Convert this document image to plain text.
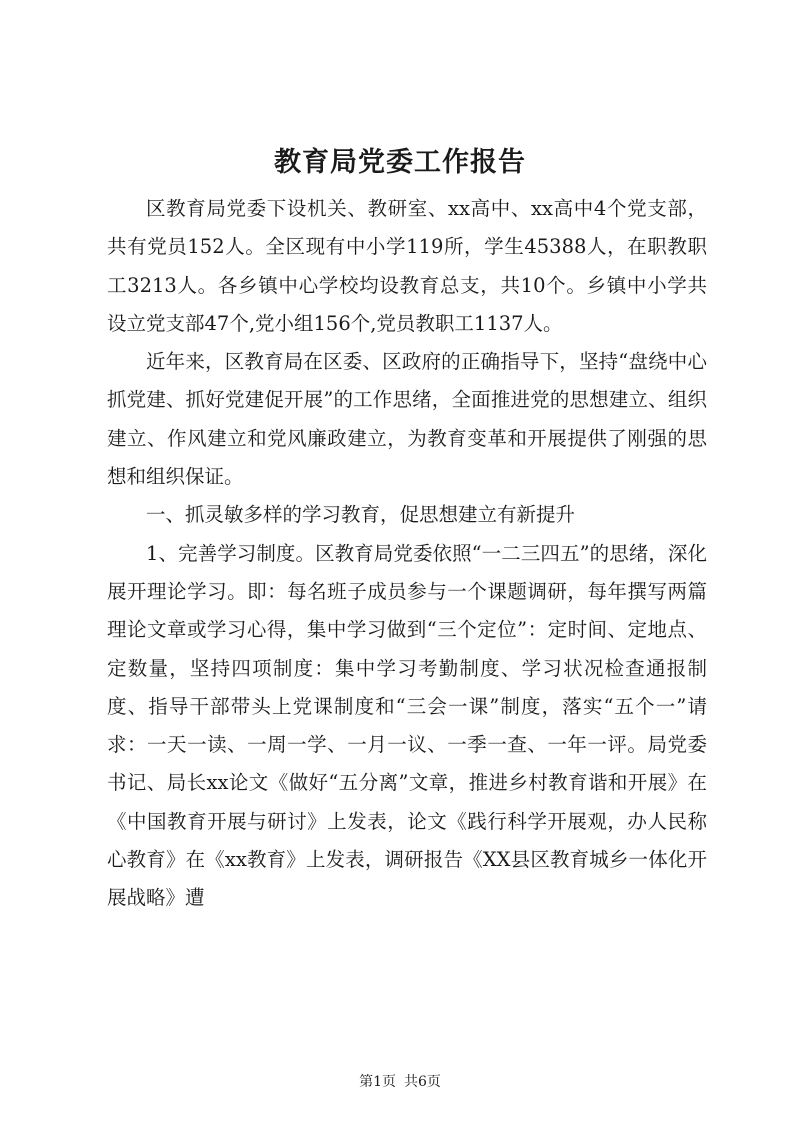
教育局党委工作报告

区教育局党委下设机关、教研室、xx高中、xx高中4个党支部，共有党员152人。全区现有中小学119所，学生45388人，在职教职工3213人。各乡镇中心学校均设教育总支，共10个。乡镇中小学共设立党支部47个,党小组156个,党员教职工1137人。

近年来，区教育局在区委、区政府的正确指导下，坚持“盘绕中心抓党建、抓好党建促开展”的工作思绪，全面推进党的思想建立、组织建立、作风建立和党风廉政建立，为教育变革和开展提供了刚强的思想和组织保证。

一、抓灵敏多样的学习教育，促思想建立有新提升

1、完善学习制度。区教育局党委依照“一二三四五”的思绪，深化展开理论学习。即：每名班子成员参与一个课题调研，每年撰写两篇理论文章或学习心得，集中学习做到“三个定位”：定时间、定地点、定数量，坚持四项制度：集中学习考勤制度、学习状况检查通报制度、指导干部带头上党课制度和“三会一课”制度，落实“五个一”请求：一天一读、一周一学、一月一议、一季一查、一年一评。局党委书记、局长xx论文《做好“五分离”文章，推进乡村教育谐和开展》在《中国教育开展与研讨》上发表，论文《践行科学开展观，办人民称心教育》在《xx教育》上发表，调研报告《XX县区教育城乡一体化开展战略》遭

第1页 共6页
